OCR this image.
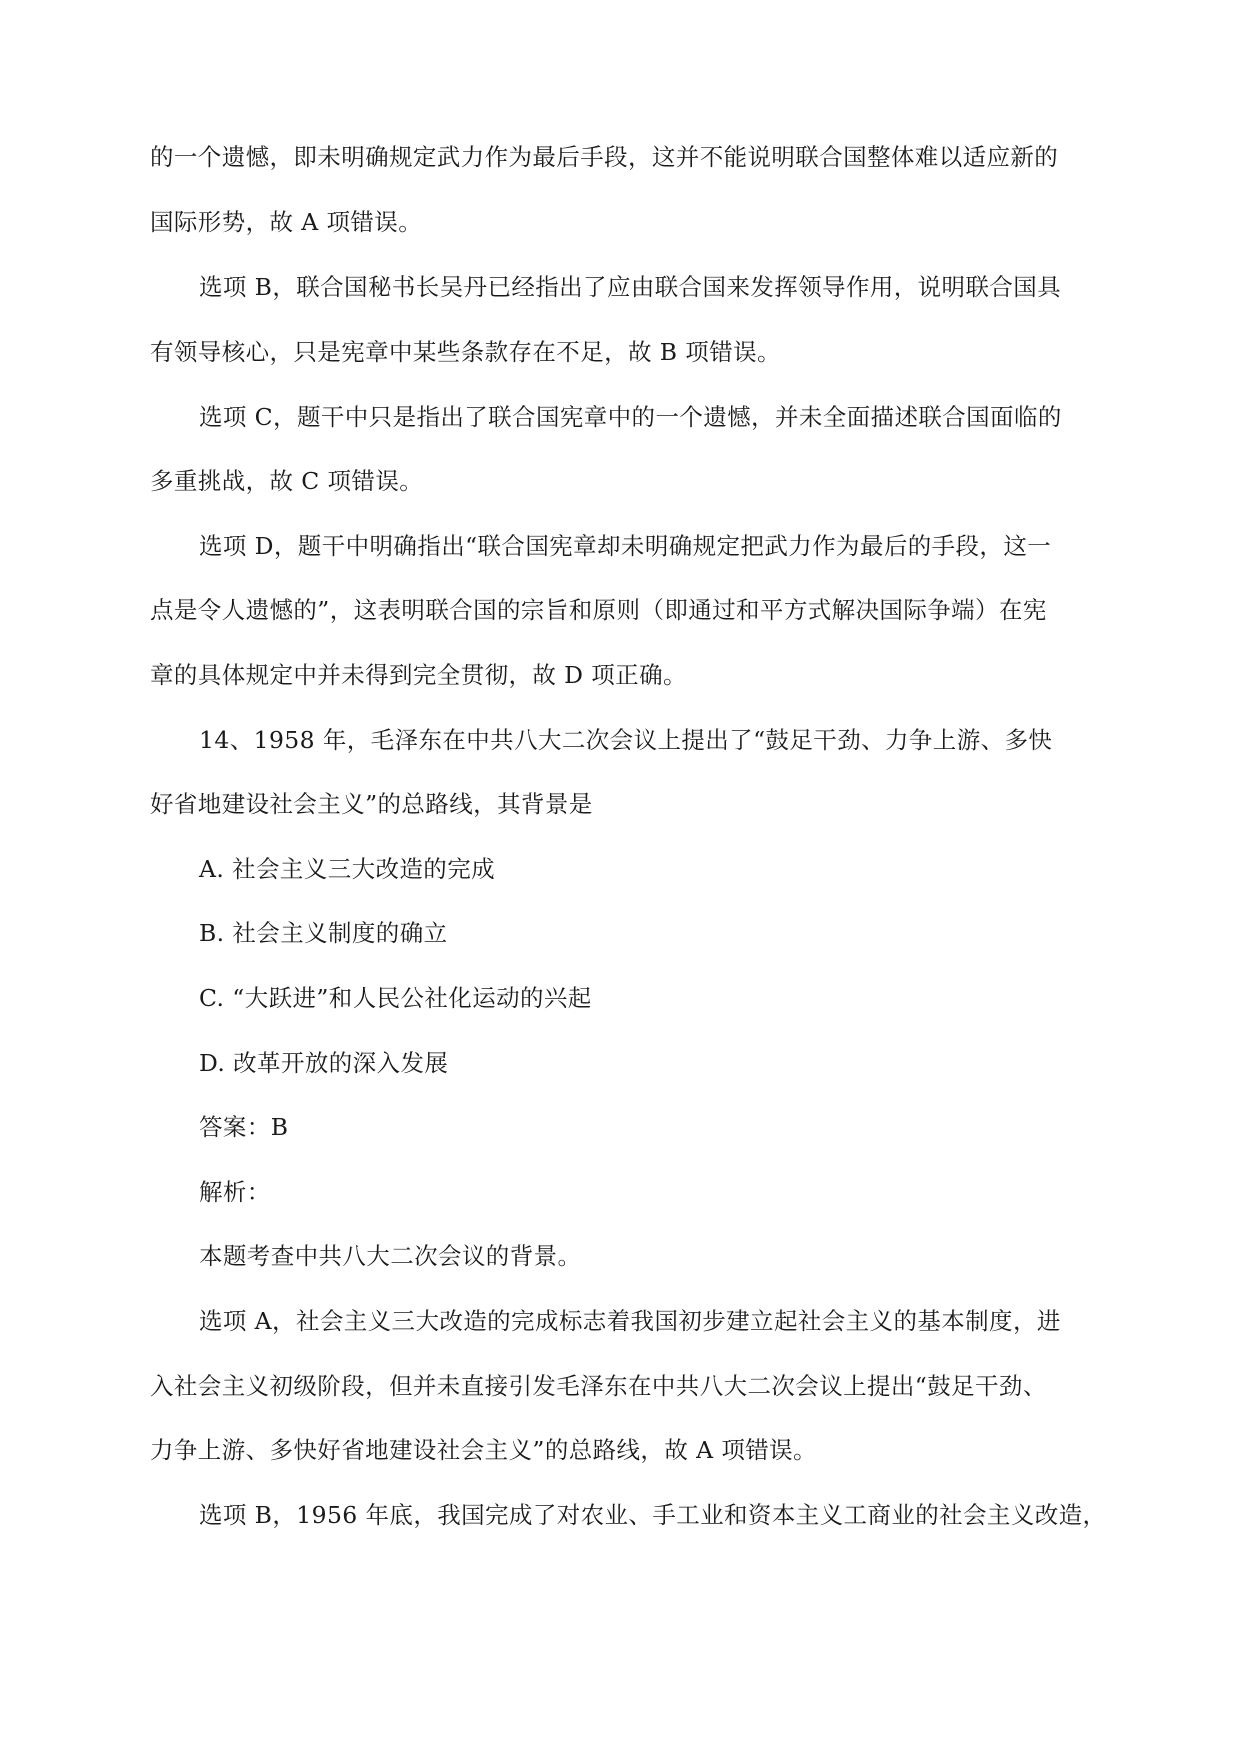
的一个遗憾，即未明确规定武力作为最后手段，这并不能说明联合国整体难以适应新的
国际形势，故 A 项错误。
选项 B，联合国秘书长吴丹已经指出了应由联合国来发挥领导作用，说明联合国具
有领导核心，只是宪章中某些条款存在不足，故 B 项错误。
选项 C，题干中只是指出了联合国宪章中的一个遗憾，并未全面描述联合国面临的
多重挑战，故 C 项错误。
选项 D，题干中明确指出“联合国宪章却未明确规定把武力作为最后的手段，这一
点是令人遗憾的”，这表明联合国的宗旨和原则（即通过和平方式解决国际争端）在宪
章的具体规定中并未得到完全贯彻，故 D 项正确。
14、1958 年，毛泽东在中共八大二次会议上提出了“鼓足干劲、力争上游、多快
好省地建设社会主义”的总路线，其背景是
A. 社会主义三大改造的完成
B. 社会主义制度的确立
C. “大跃进”和人民公社化运动的兴起
D. 改革开放的深入发展
答案：B
解析：
本题考查中共八大二次会议的背景。
选项 A，社会主义三大改造的完成标志着我国初步建立起社会主义的基本制度，进
入社会主义初级阶段，但并未直接引发毛泽东在中共八大二次会议上提出“鼓足干劲、
力争上游、多快好省地建设社会主义”的总路线，故 A 项错误。
选项 B，1956 年底，我国完成了对农业、手工业和资本主义工商业的社会主义改造，
